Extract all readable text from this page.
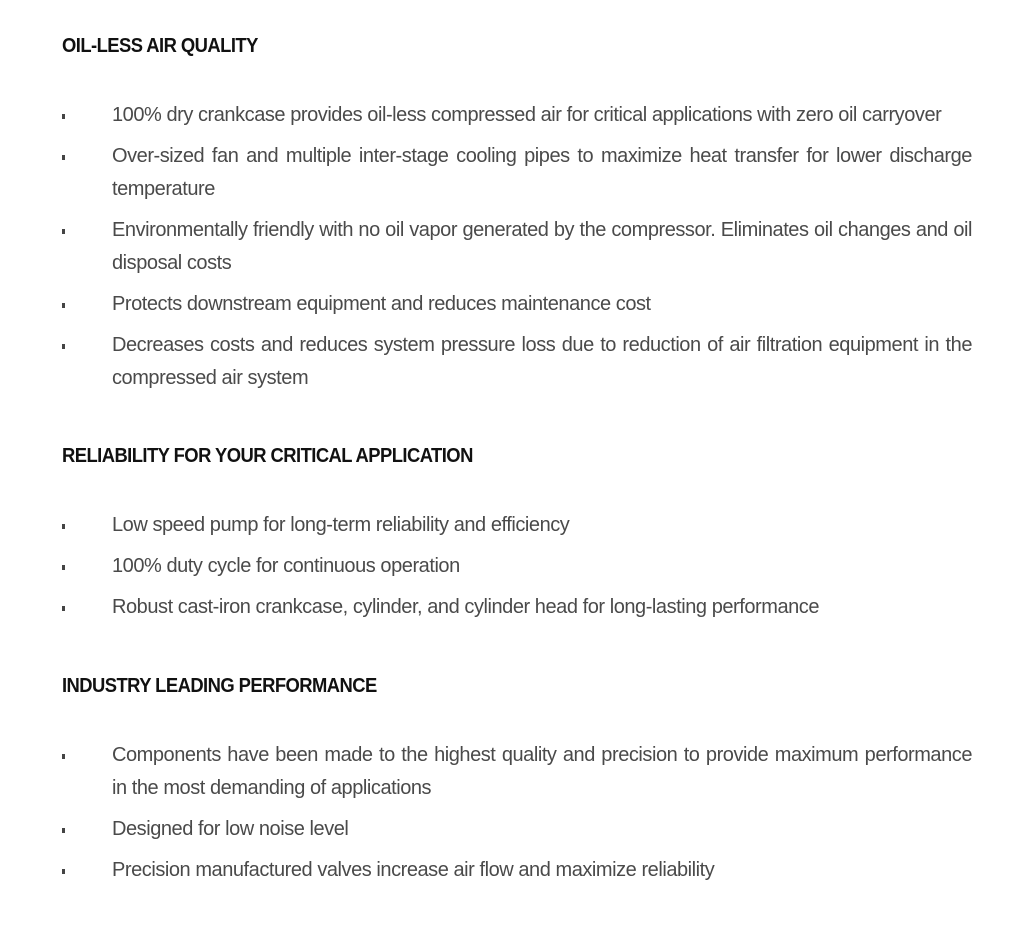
OIL-LESS AIR QUALITY
100% dry crankcase provides oil-less compressed air for critical applications with zero oil carryover
Over-sized fan and multiple inter-stage cooling pipes to maximize heat transfer for lower discharge temperature
Environmentally friendly with no oil vapor generated by the compressor. Eliminates oil changes and oil disposal costs
Protects downstream equipment and reduces maintenance cost
Decreases costs and reduces system pressure loss due to reduction of air filtration equipment in the compressed air system
RELIABILITY FOR YOUR CRITICAL APPLICATION
Low speed pump for long-term reliability and efficiency
100% duty cycle for continuous operation
Robust cast-iron crankcase, cylinder, and cylinder head for long-lasting performance
INDUSTRY LEADING PERFORMANCE
Components have been made to the highest quality and precision to provide maximum performance in the most demanding of applications
Designed for low noise level
Precision manufactured valves increase air flow and maximize reliability
